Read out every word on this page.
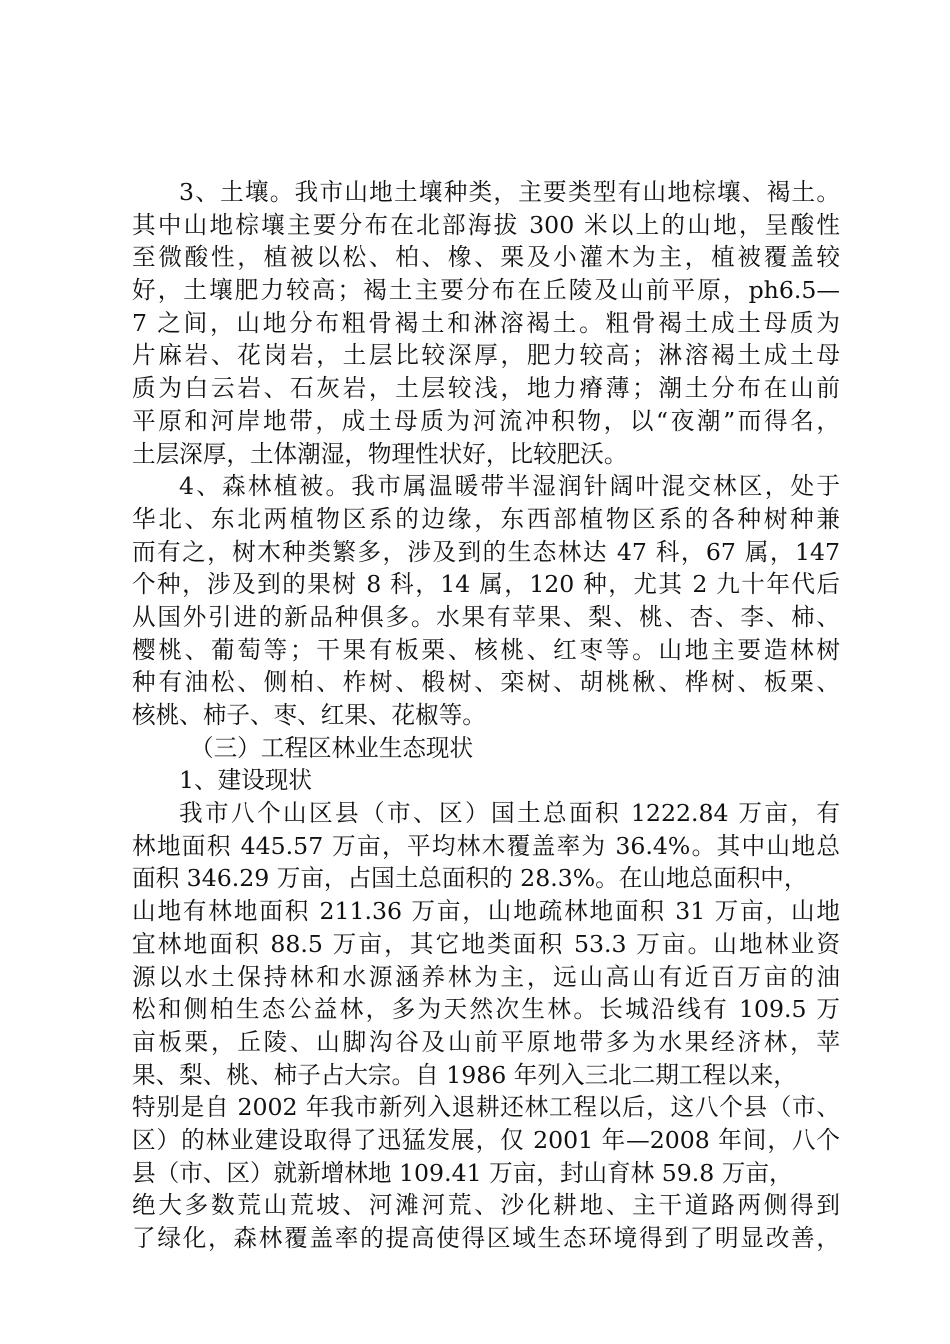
3、土壤。我市山地土壤种类，主要类型有山地棕壤、褐土。
其中山地棕壤主要分布在北部海拔 300 米以上的山地，呈酸性
至微酸性，植被以松、柏、橡、栗及小灌木为主，植被覆盖较
好，土壤肥力较高；褐土主要分布在丘陵及山前平原，ph6.5—
7 之间，山地分布粗骨褐土和淋溶褐土。粗骨褐土成土母质为
片麻岩、花岗岩，土层比较深厚，肥力较高；淋溶褐土成土母
质为白云岩、石灰岩，土层较浅，地力瘠薄；潮土分布在山前
平原和河岸地带，成土母质为河流冲积物，以“夜潮”而得名，
土层深厚，土体潮湿，物理性状好，比较肥沃。
4、森林植被。我市属温暖带半湿润针阔叶混交林区，处于
华北、东北两植物区系的边缘，东西部植物区系的各种树种兼
而有之，树木种类繁多，涉及到的生态林达 47 科，67 属，147
个种，涉及到的果树 8 科，14 属，120 种，尤其 2 九十年代后
从国外引进的新品种俱多。水果有苹果、梨、桃、杏、李、柿、
樱桃、葡萄等；干果有板栗、核桃、红枣等。山地主要造林树
种有油松、侧柏、柞树、椴树、栾树、胡桃楸、桦树、板栗、
核桃、柿子、枣、红果、花椒等。
（三）工程区林业生态现状
1、建设现状
我市八个山区县（市、区）国土总面积 1222.84 万亩，有
林地面积 445.57 万亩，平均林木覆盖率为 36.4%。其中山地总
面积 346.29 万亩，占国土总面积的 28.3%。在山地总面积中，
山地有林地面积 211.36 万亩，山地疏林地面积 31 万亩，山地
宜林地面积 88.5 万亩，其它地类面积 53.3 万亩。山地林业资
源以水土保持林和水源涵养林为主，远山高山有近百万亩的油
松和侧柏生态公益林，多为天然次生林。长城沿线有 109.5 万
亩板栗，丘陵、山脚沟谷及山前平原地带多为水果经济林，苹
果、梨、桃、柿子占大宗。自 1986 年列入三北二期工程以来，
特别是自 2002 年我市新列入退耕还林工程以后，这八个县（市、
区）的林业建设取得了迅猛发展，仅 2001 年—2008 年间，八个
县（市、区）就新增林地 109.41 万亩，封山育林 59.8 万亩，
绝大多数荒山荒坡、河滩河荒、沙化耕地、主干道路两侧得到
了绿化，森林覆盖率的提高使得区域生态环境得到了明显改善，
